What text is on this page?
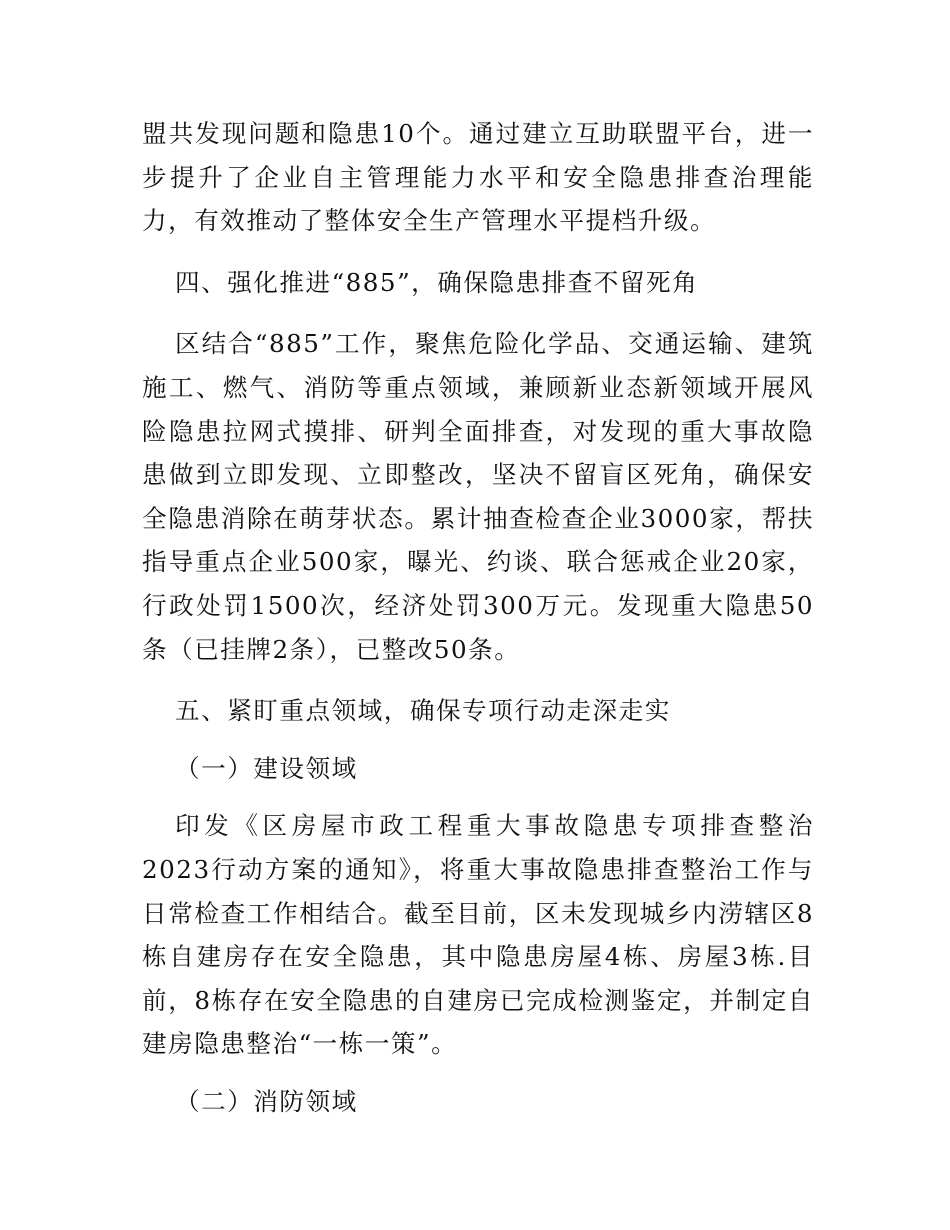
盟共发现问题和隐患10个。通过建立互助联盟平台，进一步提升了企业自主管理能力水平和安全隐患排查治理能力，有效推动了整体安全生产管理水平提档升级。

四、强化推进“885”，确保隐患排查不留死角

区结合“885”工作，聚焦危险化学品、交通运输、建筑施工、燃气、消防等重点领域，兼顾新业态新领域开展风险隐患拉网式摸排、研判全面排查，对发现的重大事故隐患做到立即发现、立即整改，坚决不留盲区死角，确保安全隐患消除在萌芽状态。累计抽查检查企业3000家，帮扶指导重点企业500家，曝光、约谈、联合惩戒企业20家，行政处罚1500次，经济处罚300万元。发现重大隐患50条（已挂牌2条），已整改50条。

五、紧盯重点领域，确保专项行动走深走实

（一）建设领域

印发《区房屋市政工程重大事故隐患专项排查整治2023行动方案的通知》，将重大事故隐患排查整治工作与日常检查工作相结合。截至目前，区未发现城乡内涝辖区8栋自建房存在安全隐患，其中隐患房屋4栋、房屋3栋.目前，8栋存在安全隐患的自建房已完成检测鉴定，并制定自建房隐患整治“一栋一策”。

（二）消防领域
